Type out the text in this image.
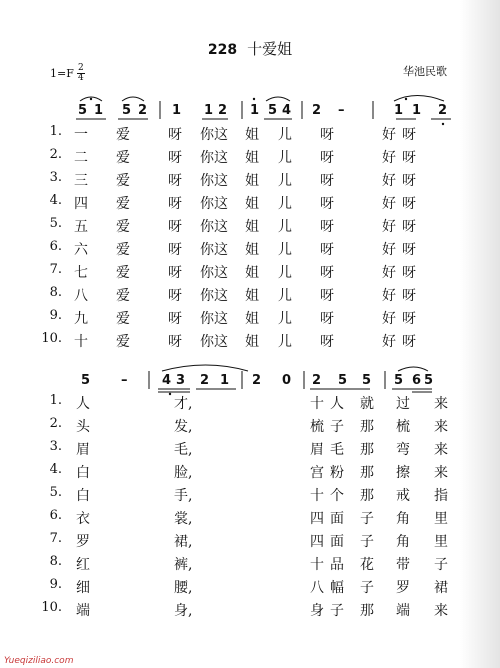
228 十爱姐
$1=F \frac{2}{4}$	华池民歌
5 1 5 2 1 1 2 1 5 4 2 –	1 1 2
1. 一 爱	呀 你这 姐 儿 呀	好 呀
2. 二 爱	呀 你这 姐 儿 呀	好 呀
3. 三 爱	呀 你这 姐 儿 呀	好 呀
4. 四 爱	呀 你这 姐 儿 呀	好 呀
5. 五 爱	呀 你这 姐 儿 呀	好 呀
6. 六 爱	呀 你这 姐 儿 呀	好 呀
7. 七 爱	呀 你这 姐 儿 呀	好 呀
8. 八 爱	呀 你这 姐 儿 呀	好 呀
9. 九 爱	呀 你这 姐 儿 呀	好 呀
10. 十 爱	呀 你这 姐 儿 呀	好 呀
5 –	4 3 2 1 2 0 2 5 5 5 6 5
1. 人	才,	十 人 就 过 来
2. 头	发,	梳 子 那 梳 来
3. 眉	毛,	眉 毛 那 弯 来
4. 白	脸,	宫 粉 那 擦 来
5. 白	手,	十 个 那 戒 指
6. 衣	裳,	四 面 子 角 里
7. 罗	裙,	四 面 子 角 里
8. 红	裤,	十 品 花 带 子
9. 细	腰,	八 幅 子 罗 裙
10. 端	身,	身 子 那 端 来
Yueqiziliao.com
